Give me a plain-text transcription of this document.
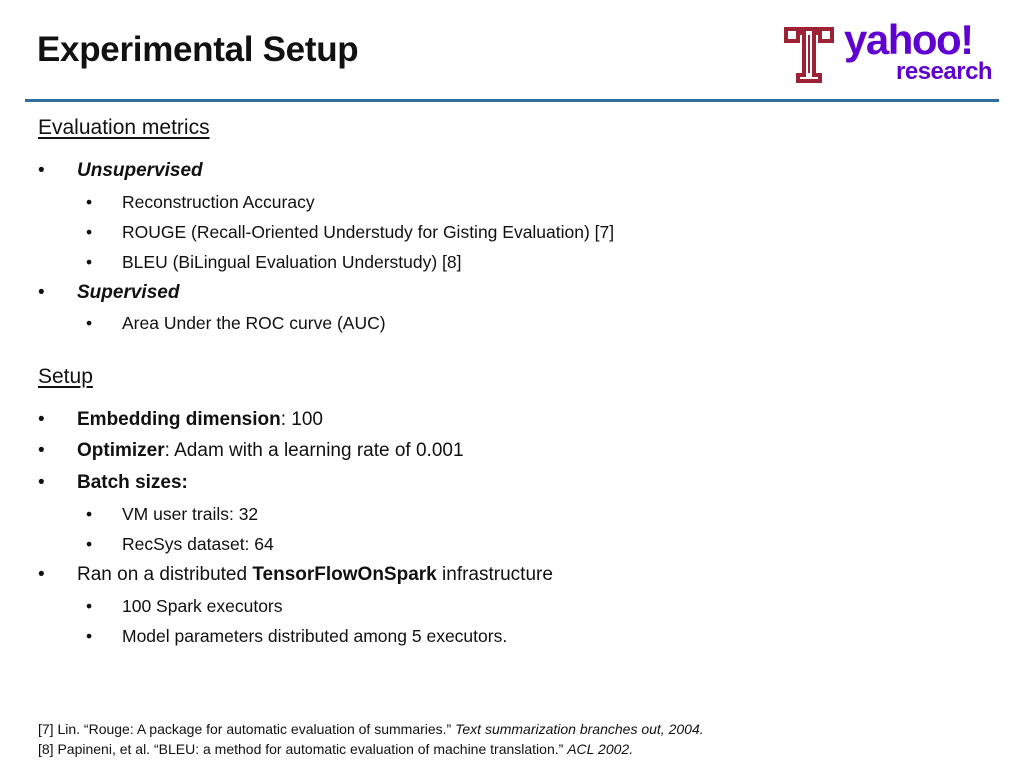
Experimental Setup	yahoo!
research
Evaluation metrics
• Unsupervised
• Reconstruction Accuracy
• ROUGE (Recall-Oriented Understudy for Gisting Evaluation) [7]
• BLEU (BiLingual Evaluation Understudy) [8]
• Supervised
• Area Under the ROC curve (AUC)
Setup
• Embedding dimension: 100
• Optimizer: Adam with a learning rate of 0.001
• Batch sizes:
• VM user trails: 32
• RecSys dataset: 64
• Ran on a distributed TensorFlowOnSpark infrastructure
• 100 Spark executors
• Model parameters distributed among 5 executors.
[7] Lin. “Rouge: A package for automatic evaluation of summaries.” Text summarization branches out, 2004.
[8] Papineni, et al. “BLEU: a method for automatic evaluation of machine translation.” ACL 2002.
